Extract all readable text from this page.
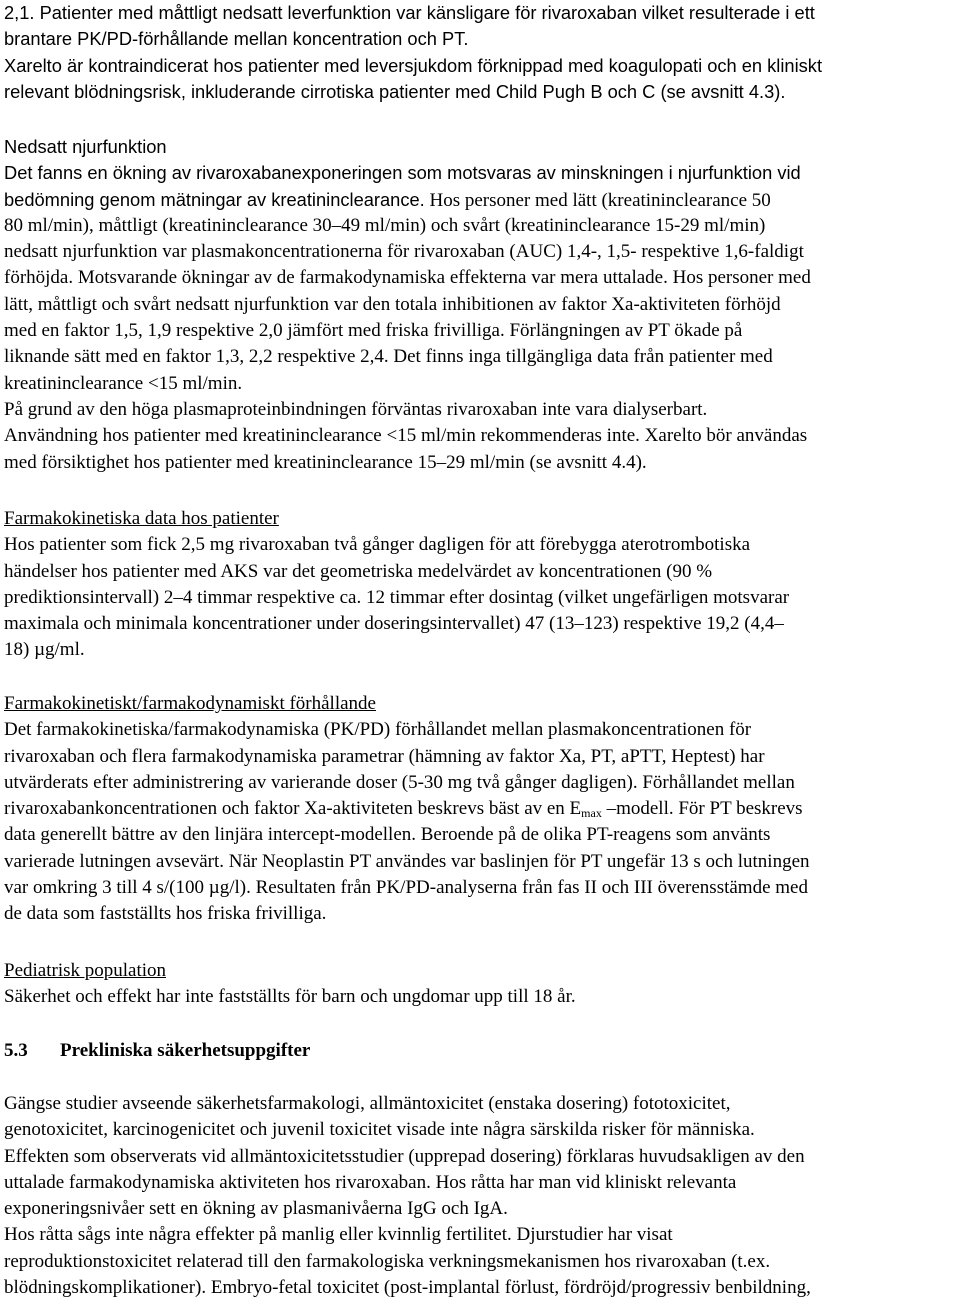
2,1. Patienter med måttligt nedsatt leverfunktion var känsligare för rivaroxaban vilket resulterade i ett
brantare PK/PD-förhållande mellan koncentration och PT.
Xarelto är kontraindicerat hos patienter med leversjukdom förknippad med koagulopati och en kliniskt
relevant blödningsrisk, inkluderande cirrotiska patienter med Child Pugh B och C (se avsnitt 4.3).
Nedsatt njurfunktion
Det fanns en ökning av rivaroxabanexponeringen som motsvaras av minskningen i njurfunktion vid
bedömning genom mätningar av kreatininclearance. Hos personer med lätt (kreatininclearance 50
80 ml/min), måttligt (kreatininclearance 30‒49 ml/min) och svårt (kreatininclearance 15-29 ml/min)
nedsatt njurfunktion var plasmakoncentrationerna för rivaroxaban (AUC) 1,4-, 1,5- respektive 1,6-faldigt
förhöjda. Motsvarande ökningar av de farmakodynamiska effekterna var mera uttalade. Hos personer med
lätt, måttligt och svårt nedsatt njurfunktion var den totala inhibitionen av faktor Xa-aktiviteten förhöjd
med en faktor 1,5, 1,9 respektive 2,0 jämfört med friska frivilliga. Förlängningen av PT ökade på
liknande sätt med en faktor 1,3, 2,2 respektive 2,4. Det finns inga tillgängliga data från patienter med
kreatininclearance <15 ml/min.
På grund av den höga plasmaproteinbindningen förväntas rivaroxaban inte vara dialyserbart.
Användning hos patienter med kreatininclearance <15 ml/min rekommenderas inte. Xarelto bör användas
med försiktighet hos patienter med kreatininclearance 15‒29 ml/min (se avsnitt 4.4).
Farmakokinetiska data hos patienter
Hos patienter som fick 2,5 mg rivaroxaban två gånger dagligen för att förebygga aterotrombotiska
händelser hos patienter med AKS var det geometriska medelvärdet av koncentrationen (90 %
prediktionsintervall) 2‒4 timmar respektive ca. 12 timmar efter dosintag (vilket ungefärligen motsvarar
maximala och minimala koncentrationer under doseringsintervallet) 47 (13‒123) respektive 19,2 (4,4‒
18) µg/ml.
Farmakokinetiskt/farmakodynamiskt förhållande
Det farmakokinetiska/farmakodynamiska (PK/PD) förhållandet mellan plasmakoncentrationen för
rivaroxaban och flera farmakodynamiska parametrar (hämning av faktor Xa, PT, aPTT, Heptest) har
utvärderats efter administrering av varierande doser (5-30 mg två gånger dagligen). Förhållandet mellan
rivaroxabankoncentrationen och faktor Xa-aktiviteten beskrevs bäst av en $E_{max}$ ‒modell. För PT beskrevs
data generellt bättre av den linjära intercept-modellen. Beroende på de olika PT-reagens som använts
varierade lutningen avsevärt. När Neoplastin PT användes var baslinjen för PT ungefär 13 s och lutningen
var omkring 3 till 4 s/(100 µg/l). Resultaten från PK/PD-analyserna från fas II och III överensstämde med
de data som fastställts hos friska frivilliga.
Pediatrisk population
Säkerhet och effekt har inte fastställts för barn och ungdomar upp till 18 år.
5.3 Prekliniska säkerhetsuppgifter
Gängse studier avseende säkerhetsfarmakologi, allmäntoxicitet (enstaka dosering) fototoxicitet,
genotoxicitet, karcinogenicitet och juvenil toxicitet visade inte några särskilda risker för människa.
Effekten som observerats vid allmäntoxicitetsstudier (upprepad dosering) förklaras huvudsakligen av den
uttalade farmakodynamiska aktiviteten hos rivaroxaban. Hos råtta har man vid kliniskt relevanta
exponeringsnivåer sett en ökning av plasmanivåerna IgG och IgA.
Hos råtta sågs inte några effekter på manlig eller kvinnlig fertilitet. Djurstudier har visat
reproduktionstoxicitet relaterad till den farmakologiska verkningsmekanismen hos rivaroxaban (t.ex.
blödningskomplikationer). Embryo-fetal toxicitet (post-implantal förlust, fördröjd/progressiv benbildning,
